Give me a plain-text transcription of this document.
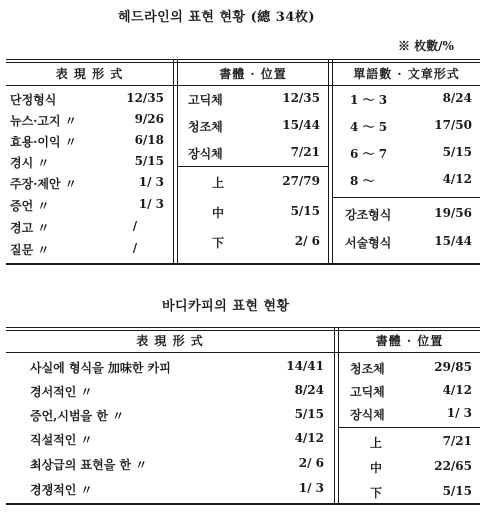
헤드라인의 표현 현황 (總 34枚)
※ 枚數/%
表 現 形 式	書體 · 位置	單語數 · 文章形式
단정형식	12/35
뉴스·고지 〃	9/26
효용·이익 〃	6/18
경시 〃	5/15
주장·제안 〃	1/ 3
증언 〃	1/ 3
경고 〃	/
질문 〃	/
고딕체	12/35
청조체	15/44
장식체	7/21
上	27/79
中	5/15
下	2/ 6
1 ～ 3	8/24
4 ～ 5	17/50
6 ～ 7	5/15
8 ～	4/12
강조형식	19/56
서술형식	15/44
바디카피의 표현 현황
表 現 形 式	書體 · 位置
사실에 형식을 加味한 카피	14/41
경서적인 〃	8/24
증언,시범을 한 〃	5/15
직설적인 〃	4/12
최상급의 표현을 한 〃	2/ 6
경쟁적인 〃	1/ 3
청조체	29/85
고딕체	4/12
장식체	1/ 3
上	7/21
中	22/65
下	5/15
